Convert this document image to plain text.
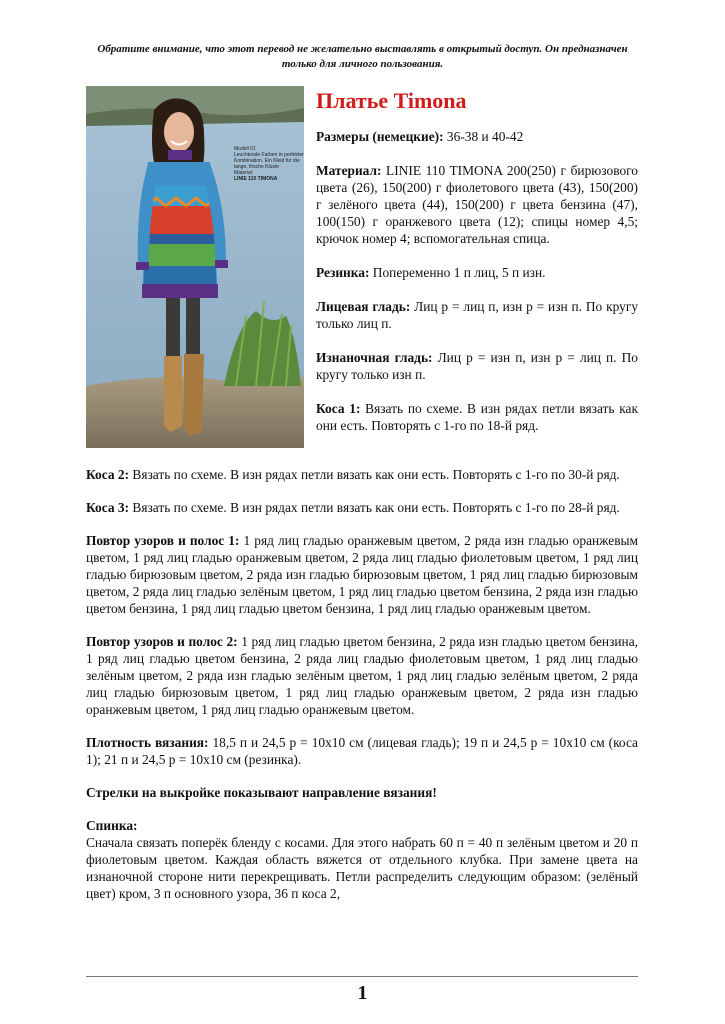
Обратите внимание, что этот перевод не желательно выставлять в открытый доступ. Он предназначен только для личного пользования.
Modell 01
Leuchtende Farben in perfekter
Kombination. Ein Kleid für die
lange, frische Kluste
Material:
LINIE 110 TIMONA
Платье Timona

Размеры (немецкие): 36-38 и 40-42

Материал: LINIE 110 TIMONA 200(250) г бирюзового цвета (26), 150(200) г фиолетового цвета (43), 150(200) г зелёного цвета (44), 150(200) г цвета бензина (47), 100(150) г оранжевого цвета (12); спицы номер 4,5; крючок номер 4; вспомогательная спица.

Резинка: Попеременно 1 п лиц, 5 п изн.

Лицевая гладь: Лиц р = лиц п, изн р = изн п. По кругу только лиц п.

Изнаночная гладь: Лиц р = изн п, изн р = лиц п. По кругу только изн п.

Коса 1: Вязать по схеме. В изн рядах петли вязать как они есть. Повторять с 1-го по 18-й ряд.

Коса 2: Вязать по схеме. В изн рядах петли вязать как они есть. Повторять с 1-го по 30-й ряд.

Коса 3: Вязать по схеме. В изн рядах петли вязать как они есть. Повторять с 1-го по 28-й ряд.

Повтор узоров и полос 1: 1 ряд лиц гладью оранжевым цветом, 2 ряда изн гладью оранжевым цветом, 1 ряд лиц гладью оранжевым цветом, 2 ряда лиц гладью фиолетовым цветом, 1 ряд лиц гладью бирюзовым цветом, 2 ряда изн гладью бирюзовым цветом, 1 ряд лиц гладью бирюзовым цветом, 2 ряда лиц гладью зелёным цветом, 1 ряд лиц гладью цветом бензина, 2 ряда изн гладью цветом бензина, 1 ряд лиц гладью цветом бензина, 1 ряд лиц гладью оранжевым цветом.

Повтор узоров и полос 2: 1 ряд лиц гладью цветом бензина, 2 ряда изн гладью цветом бензина, 1 ряд лиц гладью цветом бензина, 2 ряда лиц гладью фиолетовым цветом, 1 ряд лиц гладью зелёным цветом, 2 ряда изн гладью зелёным цветом, 1 ряд лиц гладью зелёным цветом, 2 ряда лиц гладью бирюзовым цветом, 1 ряд лиц гладью оранжевым цветом, 2 ряда изн гладью оранжевым цветом, 1 ряд лиц гладью оранжевым цветом.

Плотность вязания: 18,5 п и 24,5 р = 10х10 см (лицевая гладь); 19 п и 24,5 р = 10х10 см (коса 1); 21 п и 24,5 р = 10х10 см (резинка).

Стрелки на выкройке показывают направление вязания!

Спинка:

Сначала связать поперёк бленду с косами. Для этого набрать 60 п = 40 п зелёным цветом и 20 п фиолетовым цветом. Каждая область вяжется от отдельного клубка. При замене цвета на изнаночной стороне нити перекрещивать. Петли распределить следующим образом: (зелёный цвет) кром, 3 п основного узора, 36 п коса 2,

1
